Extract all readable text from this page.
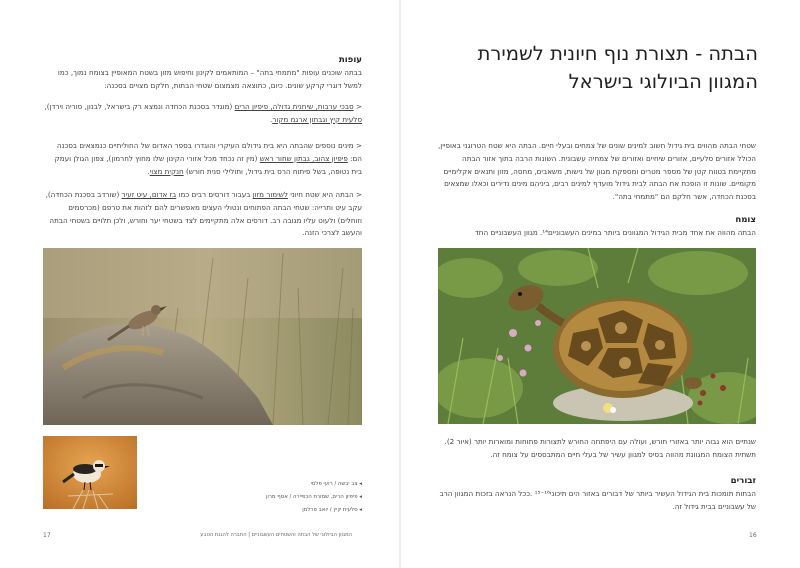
עופות
בבתה שוכנים עופות "מתמחי בתה" – המותאמים לקינון וחיפוש מזון בשטח המאופיין בצומח נמוך, כמו למשל דוגרי קרקע שונים. כיום, כתוצאה מצמצום שטחי הבתות, חלקם מצויים בסכנה:
< סבכי ערבות, שיחנית גדולה, פיפיון הרים (מוגדר בסכנת הכחדה ונמצא רק בישראל, לבנון, סוריה וירדן), סלעית קיץ וגבתון ארגמ מקור.
< מינים נוספים שהבתה היא בית גידולם העיקרי והוגדרו בספר האדום של החוליתיים כנמצאים בסכנה הם: פיפיון צהוב, גבתון שחור ראש (מין זה נכחד מכל אזורי הקינון שלו מחוץ לחרמון), צפון הגולן ועמק בית נטופה, בשל פיתוח הרס בית גידול, ותולילי סנית חורש) חנקית מצוי.
< הבתה היא שטח חיוני לשימור מזון בעבור דורסים רבים כמו בז אדום, עיט זעיר (שורדב בסכנת הכחדה), עקב עיט ותרייה: שטחי הבתה הפתוחים ונטולי העצים מאפשרים להם לזהות את טרפם (מכרסמים וזוחלים) ולעוט עליו מגובה רב. דורסים אלה מתקיימים לצד בשטחי יער וחורש, ולכן תלויים בשטחי הבתה והעשב לצרכי הזנה.
◂ צב יבשה / רועי פלסי
◂ פיפיון הרים, שמורת הכפיירה / אסף מרון
◂ סלעית קיץ / יואב פרלמן
המגוון הביולוגי של הבתה והשטחים העשבוניים | החברה להגנת הטבע
17
שטחי הבתה מהווים בית גידול חשוב למינים שונים של צמחים ובעלי חיים. הבתה היא שטח הטרוגני באופיין, הכולל אזורים סלעיים, אזורים שיחיים ואזורים של צמחיה עשבונית. השונות הרבה בתוך אזור הבתה מתקיימת בטווח קטן של מספר מטרים ומספקת מגוון של נישות, משאבים, מחסה, מזון ותנאים אקלימיים מקומיים. שונות זו הופכת את הבתה לבית גידול מועדף למינים רבים, ביניהם מינים נדירים וכאלו שמצאים בסכנת הכחדה, אשר חלקם הם "מתמחי בתה".
צומח
הבתה מהווה את אחד מבית הגידול המגוונים ביותר במינים העשבוניים¹⁴. מגוון העשבוניים החד
שנתיים הוא גבוה יותר באזורי חורש, ועולה עם היפתחה החורש לתצורות פתוחות ומוארות יותר (איור 2). תשתית הצומח המגוונת מהווה בסיס למגוון עשיר של בעלי חיים המתבססים על צומח זה.
זבורים
הבתות תומכות בית הגידול העשיר ביותר של דבורים באזור הים תיכוני¹⁵⁻¹⁶ .ככל הנראה בזכות המגוון הרב של עשבוניים בבית גידול זה.
16
הבתה - תצורת נוף חיונית לשמירת המגוון הביולוגי בישראל
